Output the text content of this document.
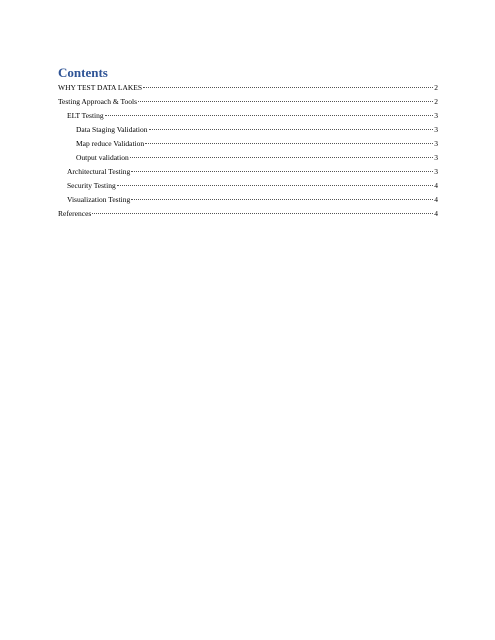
Contents
WHY TEST DATA LAKES	2
Testing Approach & Tools	2
ELT Testing	3
Data Staging Validation	3
Map reduce Validation	3
Output validation	3
Architectural Testing	3
Security Testing	4
Visualization Testing	4
References	4
